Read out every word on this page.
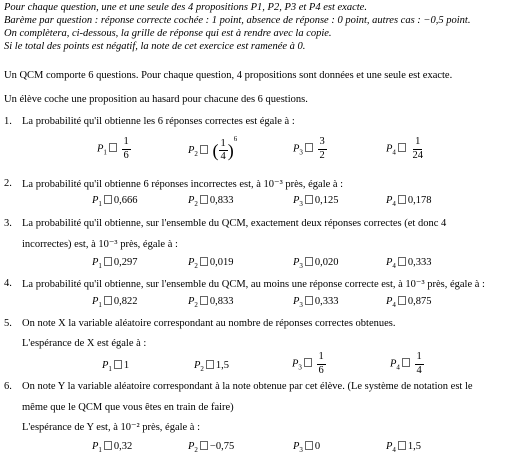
Pour chaque question, une et une seule des 4 propositions P1, P2, P3 et P4 est exacte.
Barème par question : réponse correcte cochée : 1 point, absence de réponse : 0 point, autres cas : −0,5 point.
On complètera, ci-dessous, la grille de réponse qui est à rendre avec la copie.
Si le total des points est négatif, la note de cet exercice est ramenée à 0.
Un QCM comporte 6 questions. Pour chaque question, 4 propositions sont données et une seule est exacte.
Un élève coche une proposition au hasard pour chacune des 6 questions.
1. La probabilité qu'il obtienne les 6 réponses correctes est égale à :
$P_1 \frac{1}{6}$	$P_2$ ( $\frac{1}{4} )^6$
$P_3 \frac{3}{2}$	$P_4 \frac{1}{24}$
2. La probabilité qu'il obtienne 6 réponses incorrectes est, à 10⁻³ près, égale à :
$P_1$ 0,666	$P_2$ 0,833	$P_3$ 0,125	$P_4$ 0,178
3. La probabilité qu'il obtienne, sur l'ensemble du QCM, exactement deux réponses correctes (et donc 4
incorrectes) est, à 10⁻³ près, égale à :
$P_1$ 0,297	$P_2$ 0,019	$P_3$ 0,020	$P_4$ 0,333
4. La probabilité qu'il obtienne, sur l'ensemble du QCM, au moins une réponse correcte est, à 10⁻³ près, égale à :
$P_1$ 0,822	$P_2$ 0,833	$P_3$ 0,333	$P_4$ 0,875
5. On note X la variable aléatoire correspondant au nombre de réponses correctes obtenues.
L'espérance de X est égale à :
$P_1$ 1	$P_2$ 1,5	$P_3 \frac{1}{6}$	$P_4 \frac{1}{4}$
6. On note Y la variable aléatoire correspondant à la note obtenue par cet élève. (Le système de notation est le
même que le QCM que vous êtes en train de faire)
L'espérance de Y est, à 10⁻² près, égale à :
$P_1$ 0,32	$P_2 -0,75$	$P_3$ 0	$P_4$ 1,5
